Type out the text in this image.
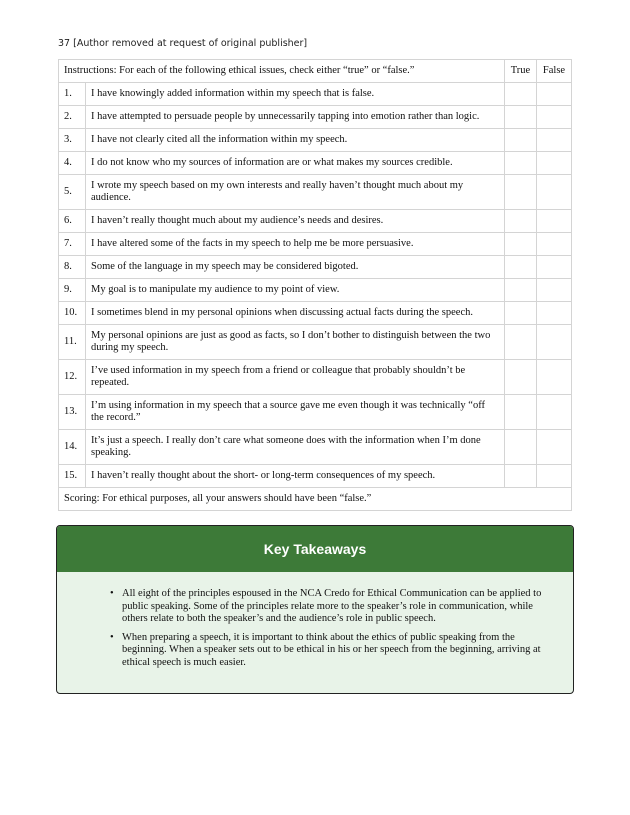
37 [Author removed at request of original publisher]
Instructions: For each of the following ethical issues, check either “true” or “false.”		True	False
1.	I have knowingly added information within my speech that is false.		
2.	I have attempted to persuade people by unnecessarily tapping into emotion rather than logic.		
3.	I have not clearly cited all the information within my speech.		
4.	I do not know who my sources of information are or what makes my sources credible.		
5.	I wrote my speech based on my own interests and really haven’t thought much about my audience.		
6.	I haven’t really thought much about my audience’s needs and desires.		
7.	I have altered some of the facts in my speech to help me be more persuasive.		
8.	Some of the language in my speech may be considered bigoted.		
9.	My goal is to manipulate my audience to my point of view.		
10.	I sometimes blend in my personal opinions when discussing actual facts during the speech.		
11.	My personal opinions are just as good as facts, so I don’t bother to distinguish between the two during my speech.		
12.	I’ve used information in my speech from a friend or colleague that probably shouldn’t be repeated.		
13.	I’m using information in my speech that a source gave me even though it was technically “off the record.”		
14.	It’s just a speech. I really don’t care what someone does with the information when I’m done speaking.		
15.	I haven’t really thought about the short- or long-term consequences of my speech.		
Scoring: For ethical purposes, all your answers should have been “false.”			
Key Takeaways
• All eight of the principles espoused in the NCA Credo for Ethical Communication can be applied to public speaking. Some of the principles relate more to the speaker’s role in communication, while others relate to both the speaker’s and the audience’s role in public speech.
• When preparing a speech, it is important to think about the ethics of public speaking from the beginning. When a speaker sets out to be ethical in his or her speech from the beginning, arriving at ethical speech is much easier.
